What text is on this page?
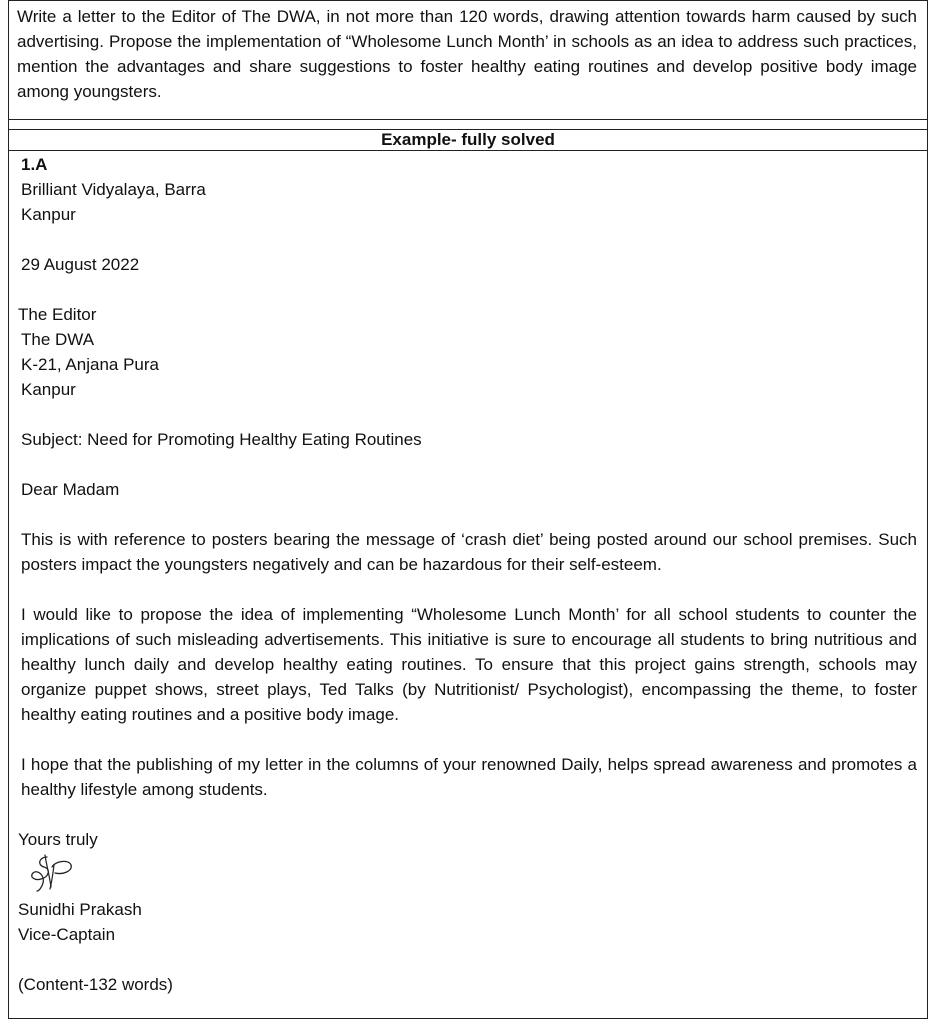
Write a letter to the Editor of The DWA, in not more than 120 words, drawing attention towards harm caused by such advertising. Propose the implementation of “Wholesome Lunch Month’ in schools as an idea to address such practices, mention the advantages and share suggestions to foster healthy eating routines and develop positive body image among youngsters.
Example- fully solved
1.A
Brilliant Vidyalaya, Barra
Kanpur
29 August 2022
The Editor
The DWA
K-21, Anjana Pura
Kanpur
Subject: Need for Promoting Healthy Eating Routines
Dear Madam
This is with reference to posters bearing the message of ‘crash diet’ being posted around our school premises. Such posters impact the youngsters negatively and can be hazardous for their self-esteem.
I would like to propose the idea of implementing “Wholesome Lunch Month’ for all school students to counter the implications of such misleading advertisements. This initiative is sure to encourage all students to bring nutritious and healthy lunch daily and develop healthy eating routines. To ensure that this project gains strength, schools may organize puppet shows, street plays, Ted Talks (by Nutritionist/ Psychologist), encompassing the theme, to foster healthy eating routines and a positive body image.
I hope that the publishing of my letter in the columns of your renowned Daily, helps spread awareness and promotes a healthy lifestyle among students.
Yours truly
Sunidhi Prakash
Vice-Captain
(Content-132 words)
